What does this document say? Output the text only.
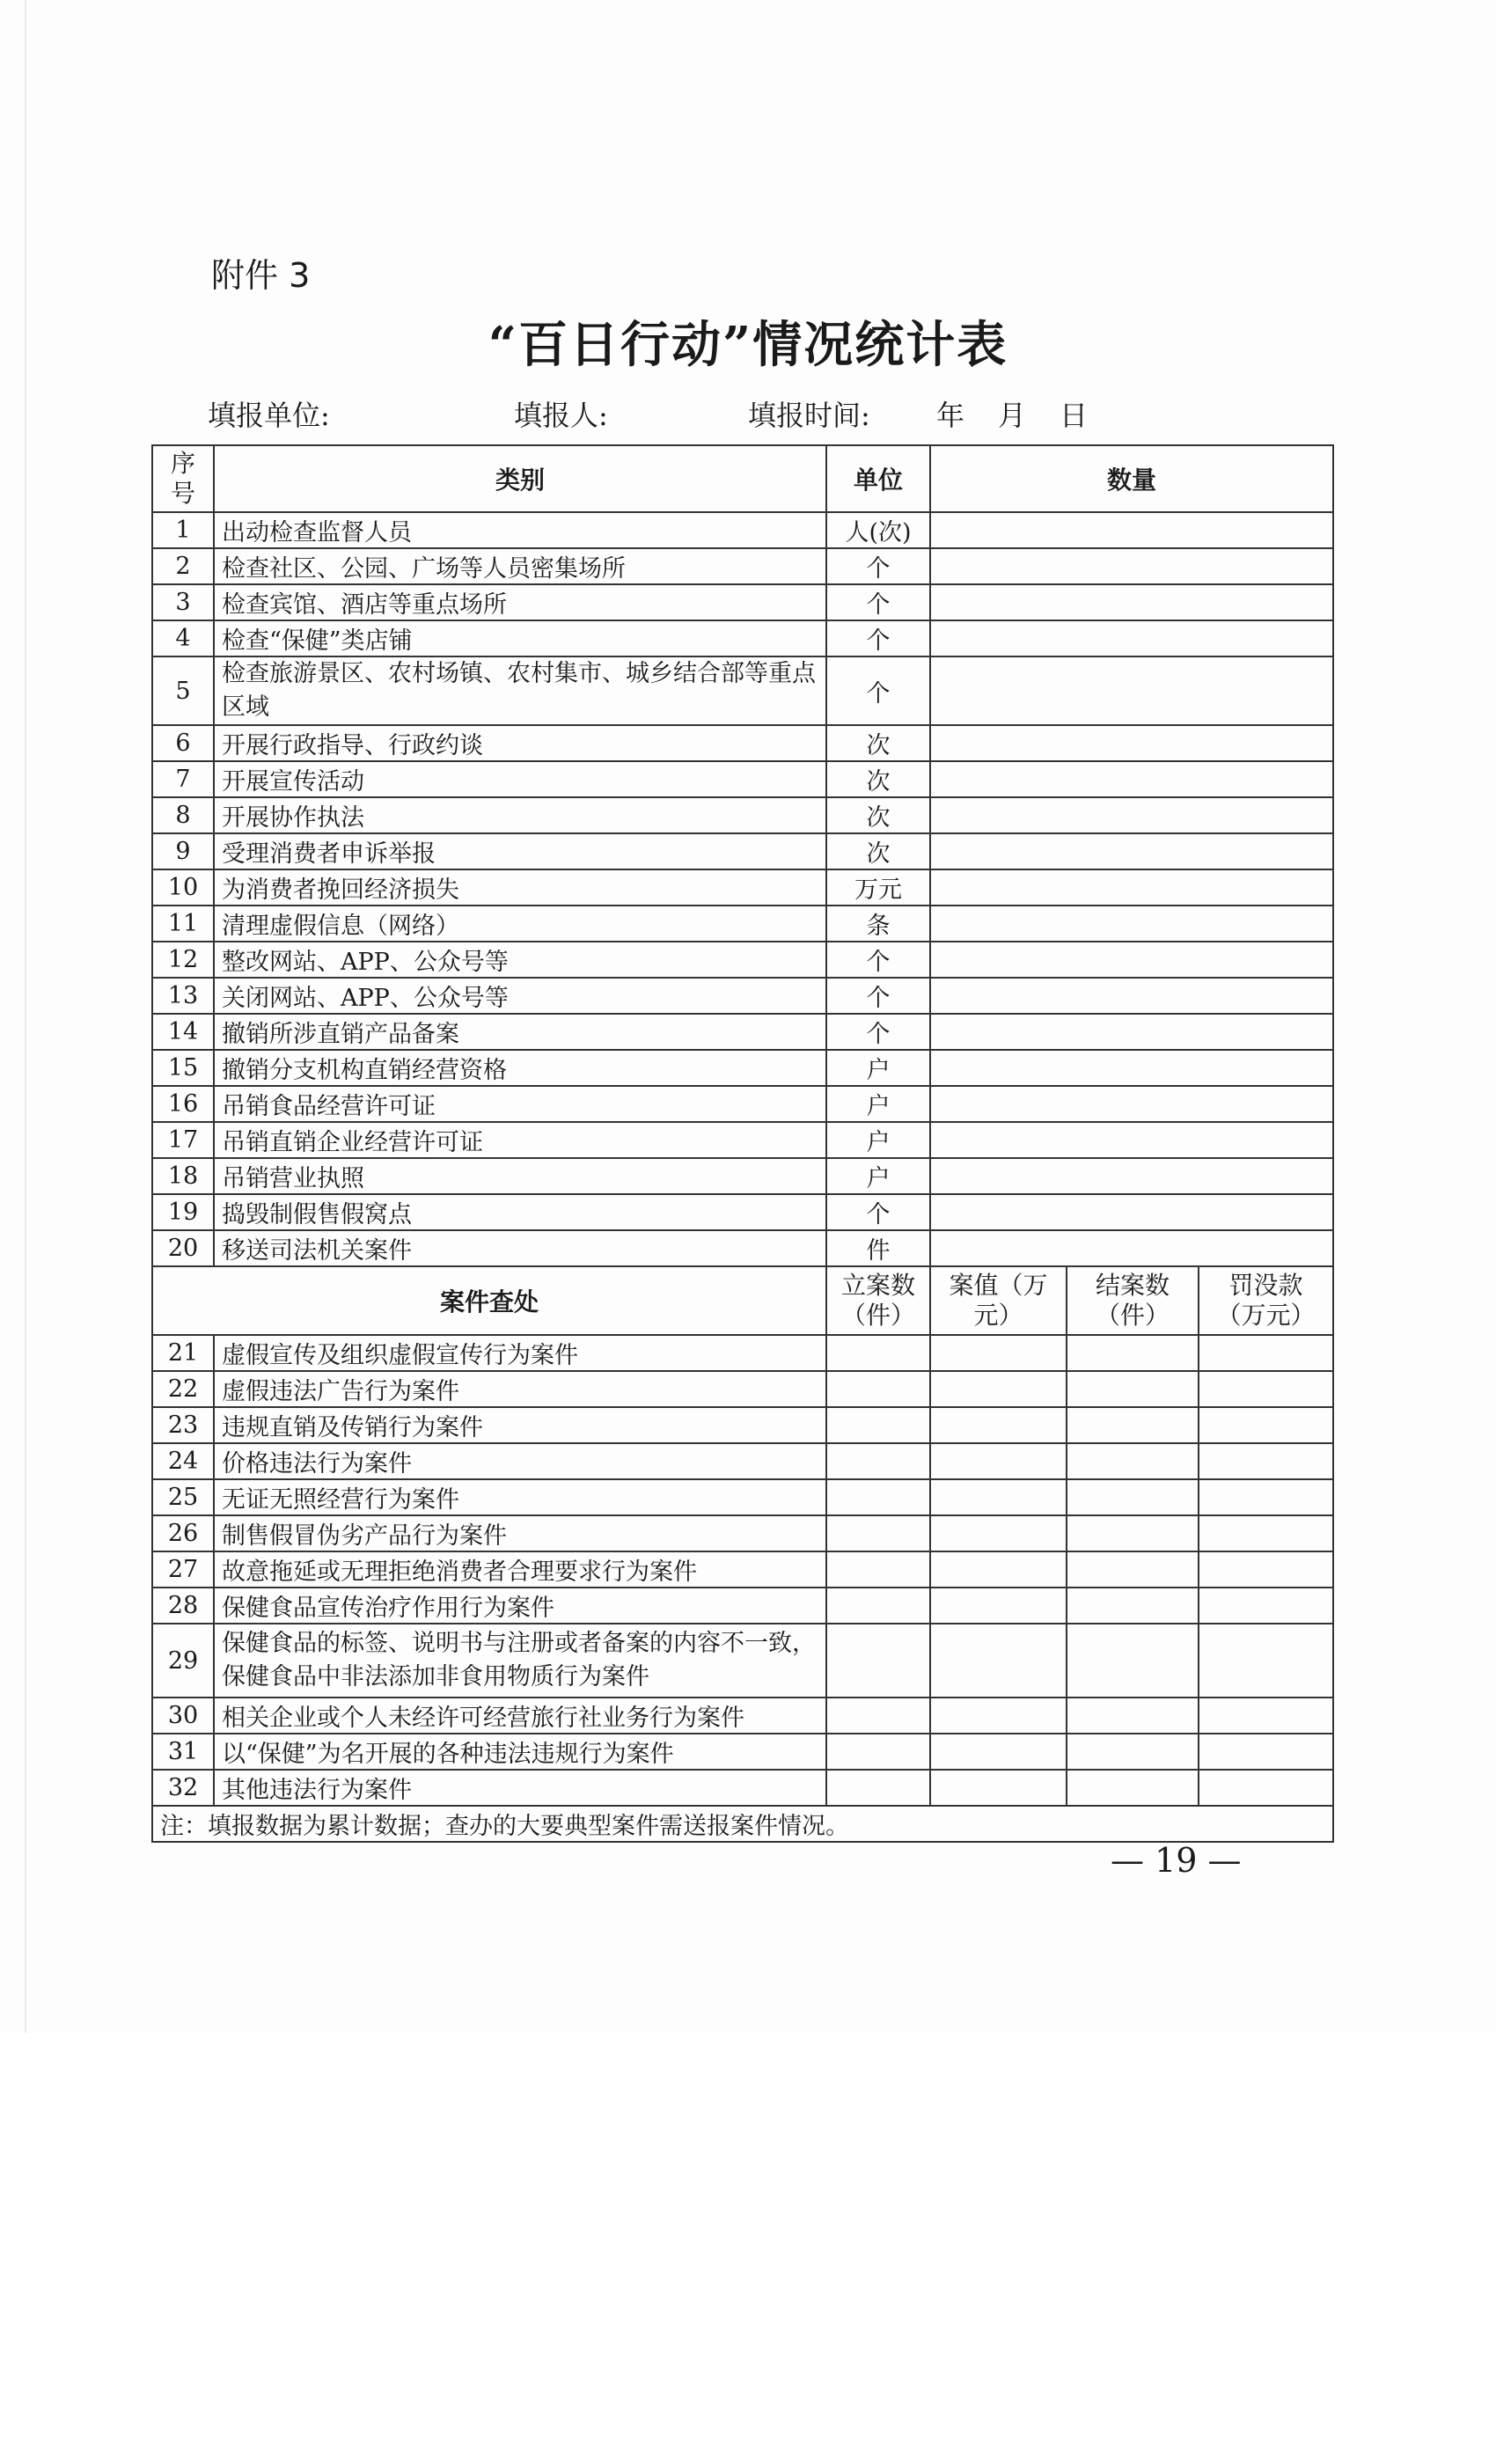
附件 3
“百日行动”情况统计表
填报单位:	填报人:	填报时间: 年 月 日
序号	类别	单位	数量		
1	出动检查监督人员	人(次)			
2	检查社区、公园、广场等人员密集场所	个			
3	检查宾馆、酒店等重点场所	个			
4	检查“保健”类店铺	个			
5	检查旅游景区、农村场镇、农村集市、城乡结合部等重点区域	个			
6	开展行政指导、行政约谈	次			
7	开展宣传活动	次			
8	开展协作执法	次			
9	受理消费者申诉举报	次			
10	为消费者挽回经济损失	万元			
11	清理虚假信息（网络）	条			
12	整改网站、APP、公众号等	个			
13	关闭网站、APP、公众号等	个			
14	撤销所涉直销产品备案	个			
15	撤销分支机构直销经营资格	户			
16	吊销食品经营许可证	户			
17	吊销直销企业经营许可证	户			
18	吊销营业执照	户			
19	捣毁制假售假窝点	个			
20	移送司法机关案件	件			
案件查处		立案数（件）	案值（万元）	结案数（件）	罚没款（万元）
21	虚假宣传及组织虚假宣传行为案件				
22	虚假违法广告行为案件				
23	违规直销及传销行为案件				
24	价格违法行为案件				
25	无证无照经营行为案件				
26	制售假冒伪劣产品行为案件				
27	故意拖延或无理拒绝消费者合理要求行为案件				
28	保健食品宣传治疗作用行为案件				
29	保健食品的标签、说明书与注册或者备案的内容不一致，保健食品中非法添加非食用物质行为案件				
30	相关企业或个人未经许可经营旅行社业务行为案件				
31	以“保健”为名开展的各种违法违规行为案件				
32	其他违法行为案件				
注：填报数据为累计数据；查办的大要典型案件需送报案件情况。					
— 19 —
